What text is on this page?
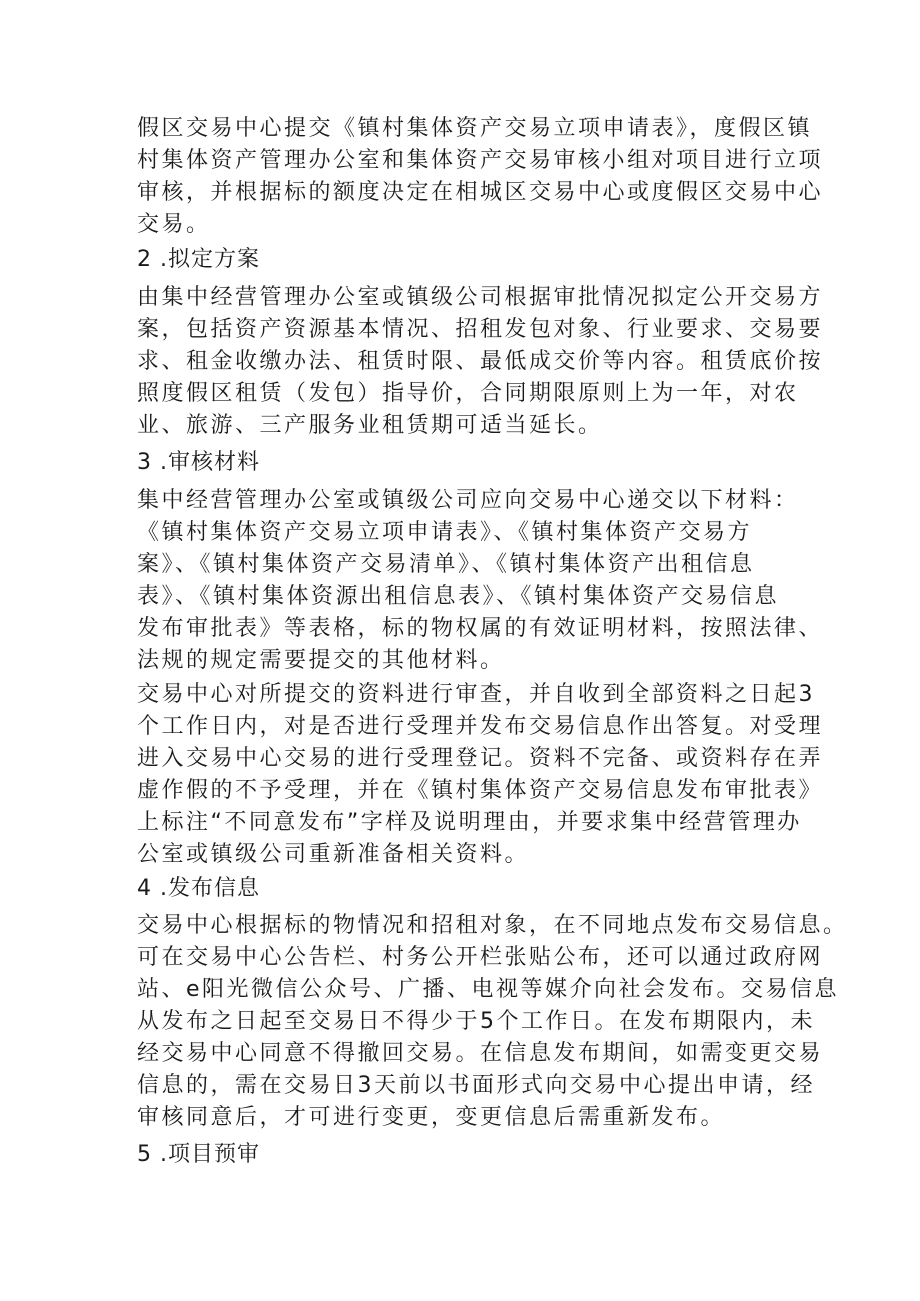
假区交易中心提交《镇村集体资产交易立项申请表》，度假区镇
村集体资产管理办公室和集体资产交易审核小组对项目进行立项
审核，并根据标的额度决定在相城区交易中心或度假区交易中心
交易。
2 .拟定方案
由集中经营管理办公室或镇级公司根据审批情况拟定公开交易方
案，包括资产资源基本情况、招租发包对象、行业要求、交易要
求、租金收缴办法、租赁时限、最低成交价等内容。租赁底价按
照度假区租赁（发包）指导价，合同期限原则上为一年，对农
业、旅游、三产服务业租赁期可适当延长。
3 .审核材料
集中经营管理办公室或镇级公司应向交易中心递交以下材料：
《镇村集体资产交易立项申请表》、《镇村集体资产交易方
案》、《镇村集体资产交易清单》、《镇村集体资产出租信息
表》、《镇村集体资源出租信息表》、《镇村集体资产交易信息
发布审批表》等表格，标的物权属的有效证明材料，按照法律、
法规的规定需要提交的其他材料。
交易中心对所提交的资料进行审查，并自收到全部资料之日起3
个工作日内，对是否进行受理并发布交易信息作出答复。对受理
进入交易中心交易的进行受理登记。资料不完备、或资料存在弄
虚作假的不予受理，并在《镇村集体资产交易信息发布审批表》
上标注“不同意发布”字样及说明理由，并要求集中经营管理办
公室或镇级公司重新准备相关资料。
4 .发布信息
交易中心根据标的物情况和招租对象，在不同地点发布交易信息。
可在交易中心公告栏、村务公开栏张贴公布，还可以通过政府网
站、e阳光微信公众号、广播、电视等媒介向社会发布。交易信息
从发布之日起至交易日不得少于5个工作日。在发布期限内，未
经交易中心同意不得撤回交易。在信息发布期间，如需变更交易
信息的，需在交易日3天前以书面形式向交易中心提出申请，经
审核同意后，才可进行变更，变更信息后需重新发布。
5 .项目预审
